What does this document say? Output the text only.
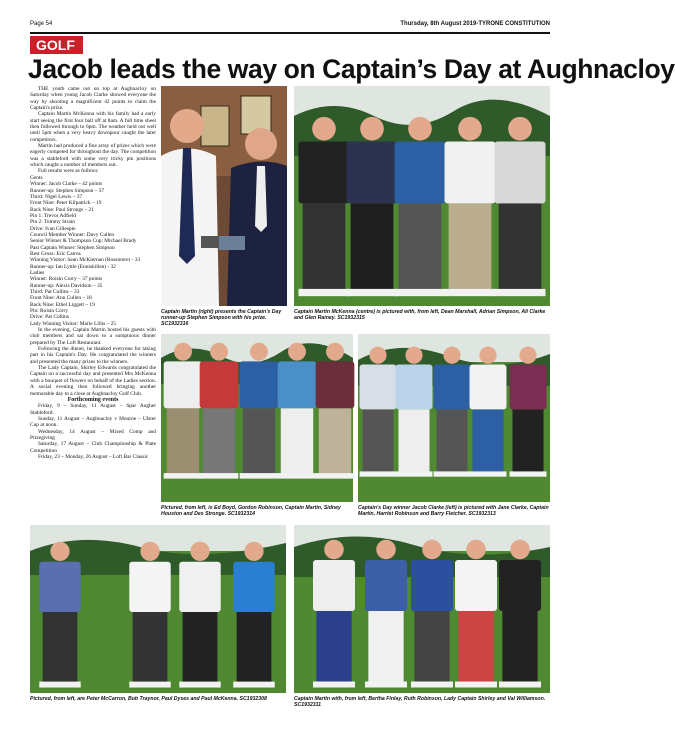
Page 54	Thursday, 8th August 2019-TYRONE CONSTITUTION
GOLF
Jacob leads the way on Captain’s Day at Aughnacloy

THE youth came out on top at Aughnacloy on Saturday when young Jacob Clarke showed everyone the way by shooting a magnificent 42 points to claim the Captain's prize.

Captain Martin McKenna with his family had a early start seeing the first four ball off at 8am. A full time sheet then followed through to 6pm. The weather held out well until 5pm when a very heavy downpour caught the later competitors.

Martin had produced a fine array of prizes which were eagerly competed for throughout the day. The competition was a stableford with some very tricky pin positions which caught a number of members out.

Full results were as follows:

Gents

Winner: Jacob Clarke – 42 points

Runner-up: Stephen Simpson – 37

Third: Nigel Lewis – 37

Front Nine: Peter Kilpatrick – 19

Back Nine: Paul Strongs – 21

Pin 1: Trevor Adfield

Pin 2: Tommy Strain

Drive: Ivan Gillespie

Council Member Winner: Davy Cullen

Senior Winner & Thompson Cup: Michael Brady

Past Captain Winner: Stephen Simpson

Best Gross: Eric Cairns

Winning Visitor: Sean McKiernan (Rossmore) - 33

Runner-up: Ian Lyttle (Enniskillen) - 32

Ladies

Winner: Roisin Corry – 37 points

Runner-up: Alexis Davidson – 35

Third: Pat Collins – 33

Front Nine: Ann Cullen – 18

Back Nine: Ethel Liggett – 19

Pin: Roisin Corry

Drive: Pat Collins

Lady Winning Visitor: Marie Lillis – 25

In the evening, Captain Martin hosted his guests with club members and sat down to a sumptuous dinner prepared by The Loft Restaurant.

Following the dinner, he thanked everyone for taking part in his Captain's Day. He congratulated the winners and presented the many prizes to the winners.

The Lady Captain, Shirley Edwards congratulated the Captain on a successful day and presented Mrs McKenna with a bouquet of flowers on behalf of the Ladies section. A social evening then followed bringing another memorable day to a close at Aughnacloy Golf Club.

Forthcoming events

Friday, 9 – Sunday, 11 August – Spar Augher Stableford.

Sunday, 11 August – Aughnacloy v Mourne – Ulster Cup at noon.

Wednesday, 14 August – Mixed Comp and Prizegiving

Saturday, 17 August – Club Championship & Plate Competition

Friday, 23 – Monday, 26 August – Loft Bar Classic

Captain Martin (right) presents the Captain's Day runner-up Stephen Simpson with his prize. SC1932316
Captain Martin McKenna (centre) is pictured with, from left, Dean Marshall, Adrian Simpson, Ali Clarke and Glen Rainey. SC1932315
Pictured, from left, is Ed Boyd, Gordon Robinson, Captain Martin, Sidney Houston and Des Stronge. SC1932314
Captain's Day winner Jacob Clarke (left) is pictured with Jane Clarke, Captain Martin, Harriet Robinson and Barry Fletcher. SC1932313
Pictured, from left, are Peter McCarron, Bob Traynor, Paul Dyses and Paul McKenna. SC1932308	Captain Martin with, from left, Bertha Finlay, Ruth Robinson, Lady Captain Shirley and Val Williamson. SC1932311
